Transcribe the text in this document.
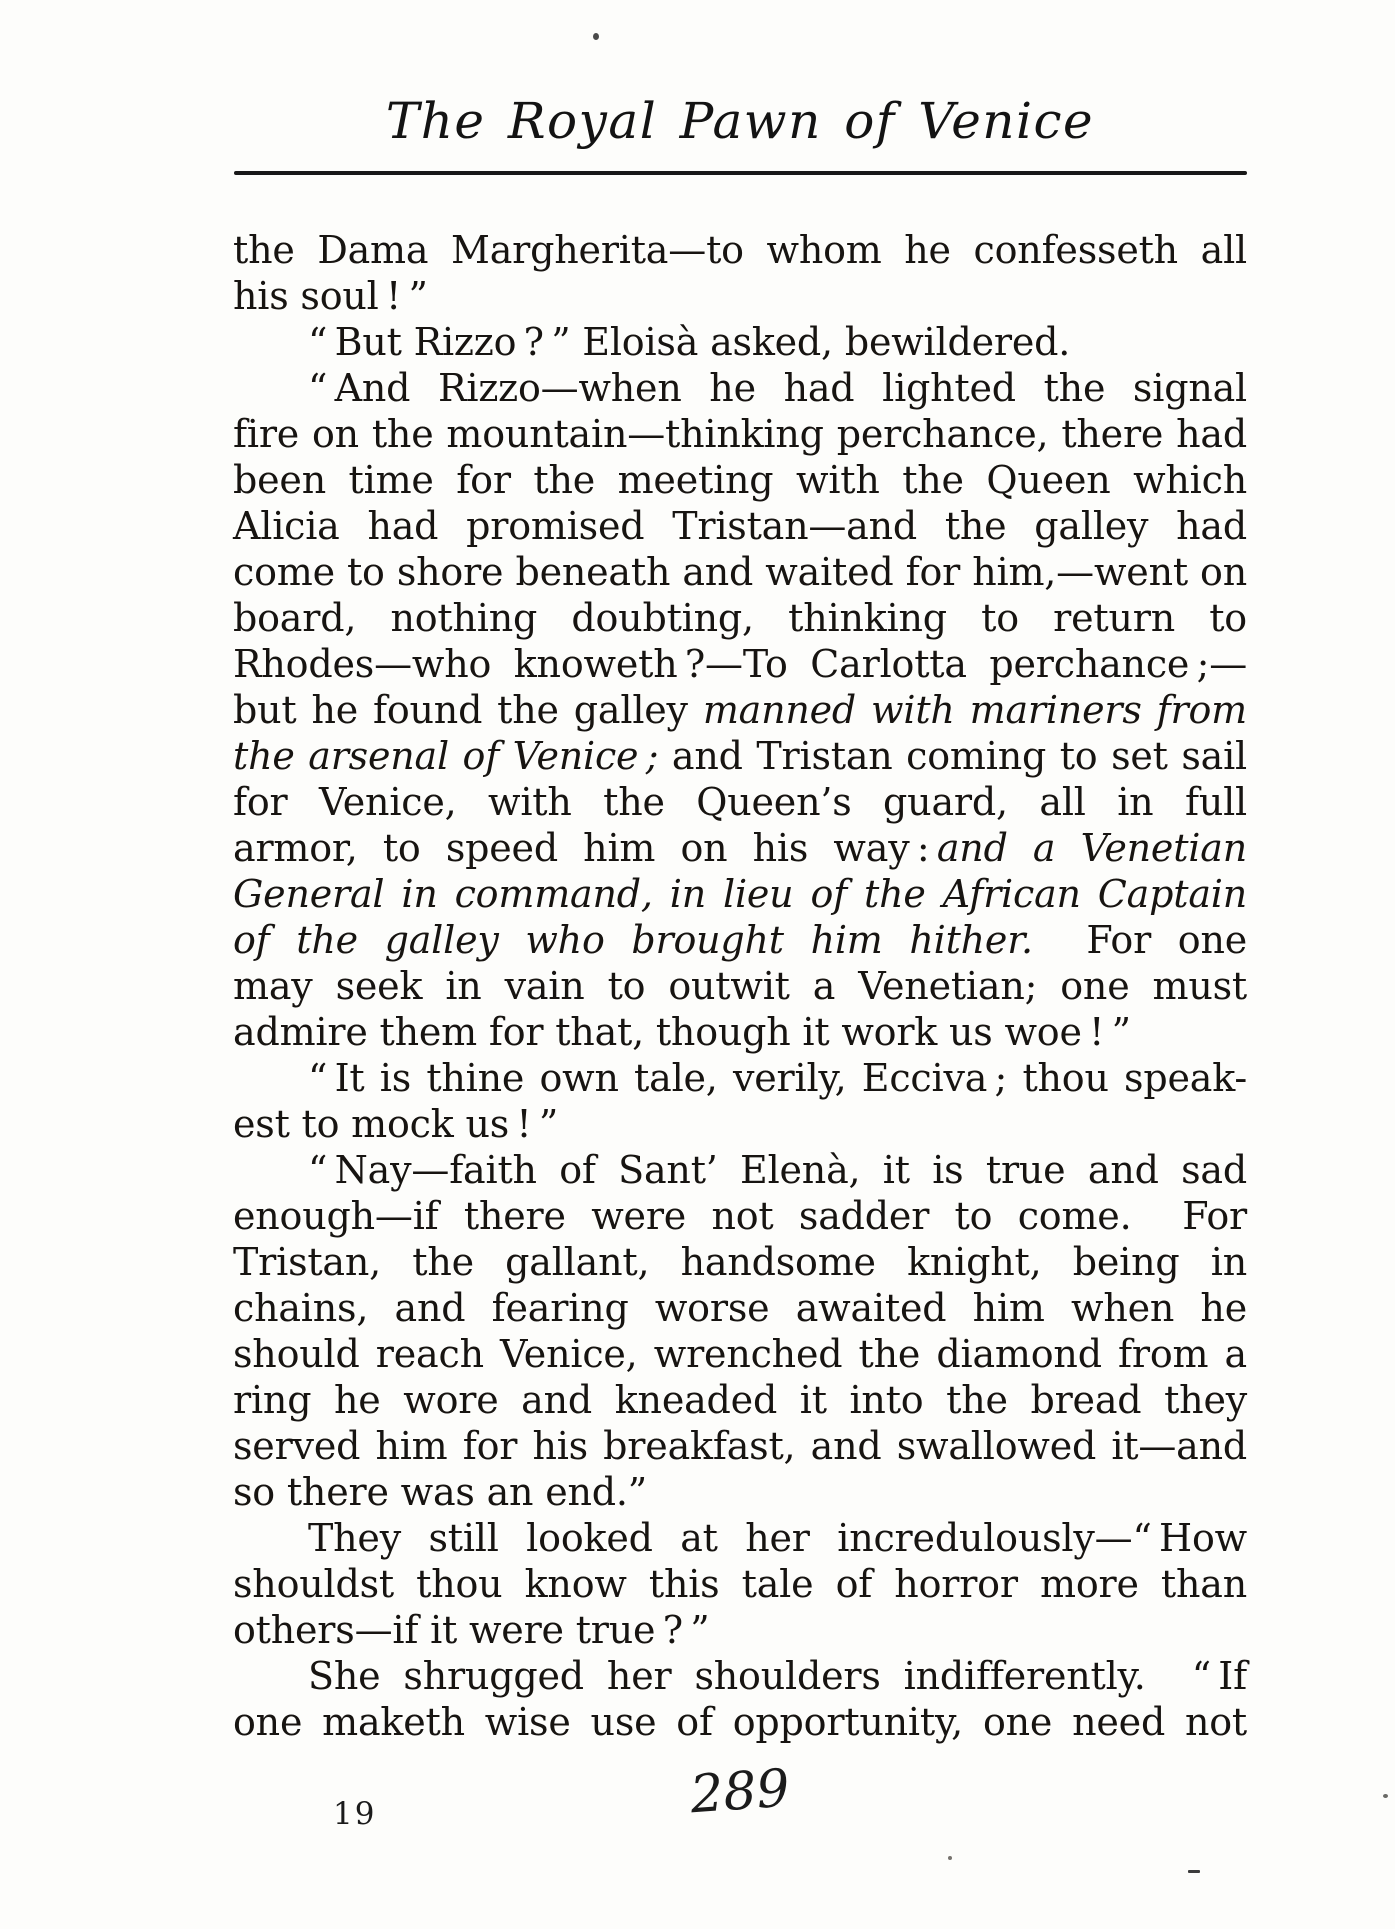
The Royal Pawn of Venice
the Dama Margherita—to whom he confesseth all
his soul ! ”
“ But Rizzo ? ” Eloisà asked, bewildered.
“ And Rizzo—when he had lighted the signal
fire on the mountain—thinking perchance, there had
been time for the meeting with the Queen which
Alicia had promised Tristan—and the galley had
come to shore beneath and waited for him,—went on
board, nothing doubting, thinking to return to
Rhodes—who knoweth ?—To Carlotta perchance ;—
but he found the galley manned with mariners from
the arsenal of Venice ; and Tristan coming to set sail
for Venice, with the Queen’s guard, all in full
armor, to speed him on his way : and a Venetian
General in command, in lieu of the African Captain
of the galley who brought him hither.  For one
may seek in vain to outwit a Venetian; one must
admire them for that, though it work us woe ! ”
“ It is thine own tale, verily, Ecciva ; thou speak-
est to mock us ! ”
“ Nay—faith of Sant’ Elenà, it is true and sad
enough—if there were not sadder to come.  For
Tristan, the gallant, handsome knight, being in
chains, and fearing worse awaited him when he
should reach Venice, wrenched the diamond from a
ring he wore and kneaded it into the bread they
served him for his breakfast, and swallowed it—and
so there was an end.”
They still looked at her incredulously—“ How
shouldst thou know this tale of horror more than
others—if it were true ? ”
She shrugged her shoulders indifferently.  “ If
one maketh wise use of opportunity, one need not
289
19
